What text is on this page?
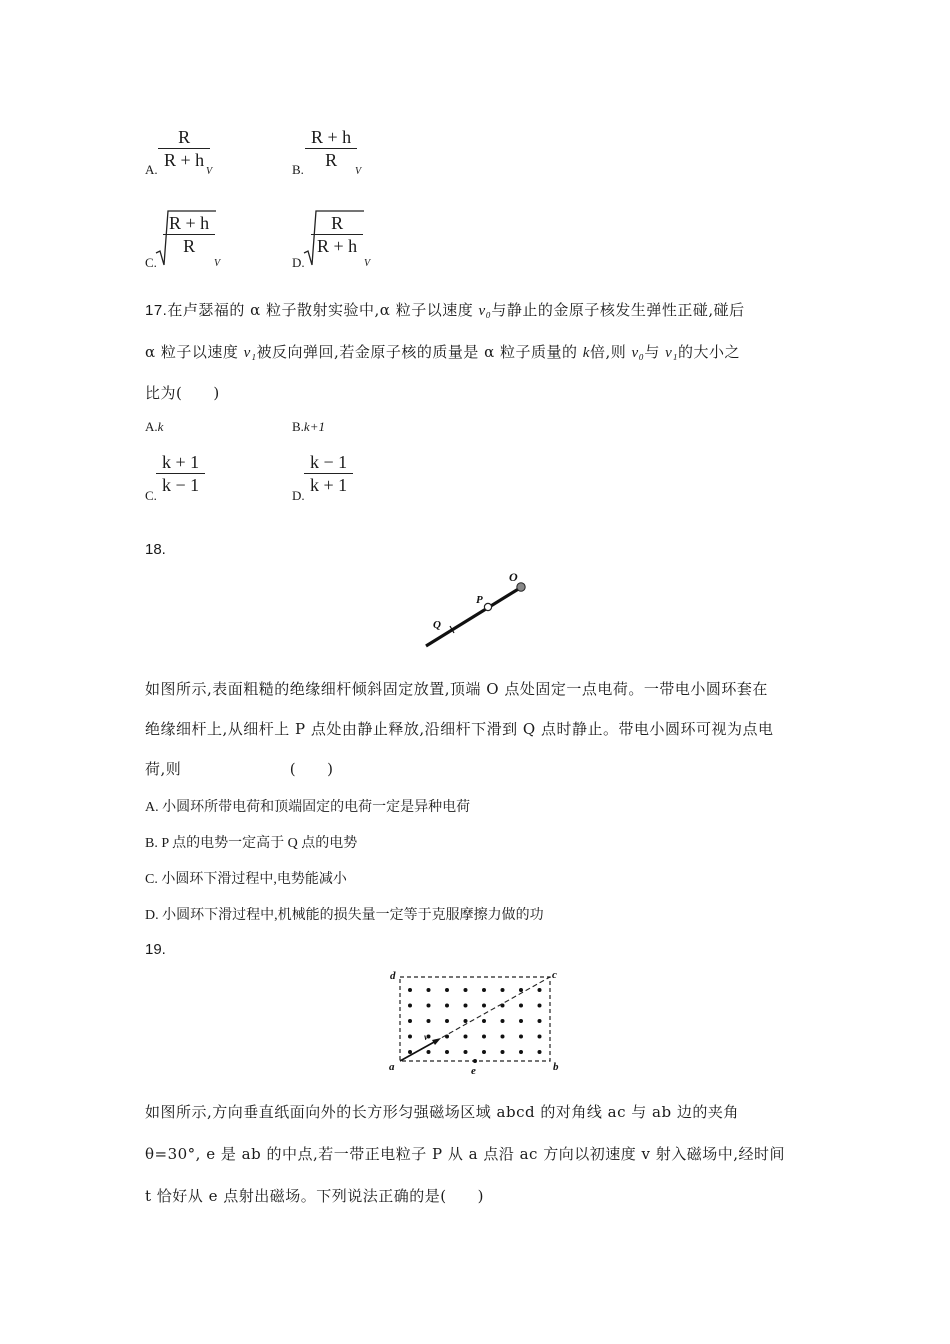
A.
R
R + h
V	B.
R + h
R
V
C.
R + h
R
V	D.
R
R + h
V
17.在卢瑟福的 α 粒子散射实验中,α 粒子以速度 v₀与静止的金原子核发生弹性正碰,碰后
α 粒子以速度 v₁被反向弹回,若金原子核的质量是 α 粒子质量的 k倍,则 v₀与 v₁的大小之
比为(　　)
A.k	B.k+1
C.
k + 1
k − 1
D.
k − 1
k + 1
18.
O
P
Q
如图所示,表面粗糙的绝缘细杆倾斜固定放置,顶端 O 点处固定一点电荷。一带电小圆环套在
绝缘细杆上,从细杆上 P 点处由静止释放,沿细杆下滑到 Q 点时静止。带电小圆环可视为点电
荷,则　　　　　　　(　　)
A. 小圆环所带电荷和顶端固定的电荷一定是异种电荷
B. P 点的电势一定高于 Q 点的电势
C. 小圆环下滑过程中,电势能减小
D. 小圆环下滑过程中,机械能的损失量一定等于克服摩擦力做的功
19.
d	c
a	b
e
v
如图所示,方向垂直纸面向外的长方形匀强磁场区域 abcd 的对角线 ac 与 ab 边的夹角
θ=30°, e 是 ab 的中点,若一带正电粒子 P 从 a 点沿 ac 方向以初速度 v 射入磁场中,经时间
t 恰好从 e 点射出磁场。下列说法正确的是(　　)
